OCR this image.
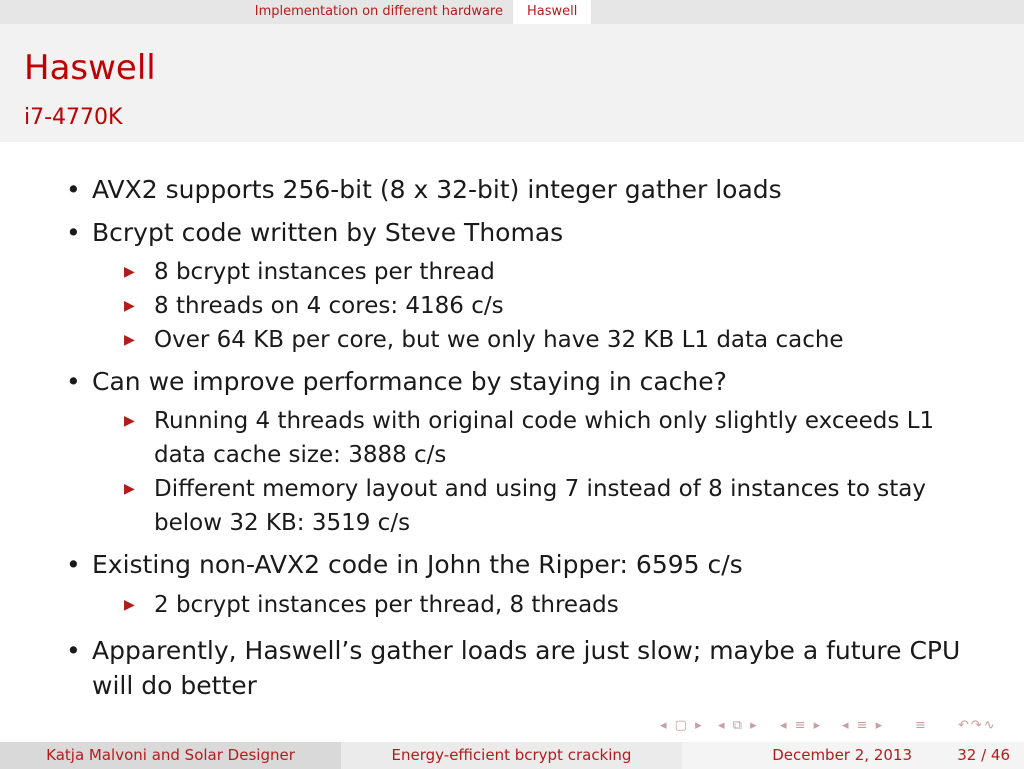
Implementation on different hardware	Haswell
Haswell
i7-4770K
• AVX2 supports 256-bit (8 x 32-bit) integer gather loads
• Bcrypt code written by Steve Thomas
▶ 8 bcrypt instances per thread
▶ 8 threads on 4 cores: 4186 c/s
▶ Over 64 KB per core, but we only have 32 KB L1 data cache
• Can we improve performance by staying in cache?
▶ Running 4 threads with original code which only slightly exceeds L1 data cache size: 3888 c/s
▶ Different memory layout and using 7 instead of 8 instances to stay below 32 KB: 3519 c/s
• Existing non-AVX2 code in John the Ripper: 6595 c/s
▶ 2 bcrypt instances per thread, 8 threads
• Apparently, Haswell’s gather loads are just slow; maybe a future CPU will do better
◂ ▢ ▸ ◂ ⧉ ▸ ◂ ≡ ▸ ◂ ≡ ▸ ≡ ↶↷∿
Katja Malvoni and Solar Designer	Energy-efficient bcrypt cracking	December 2, 2013	32 / 46
